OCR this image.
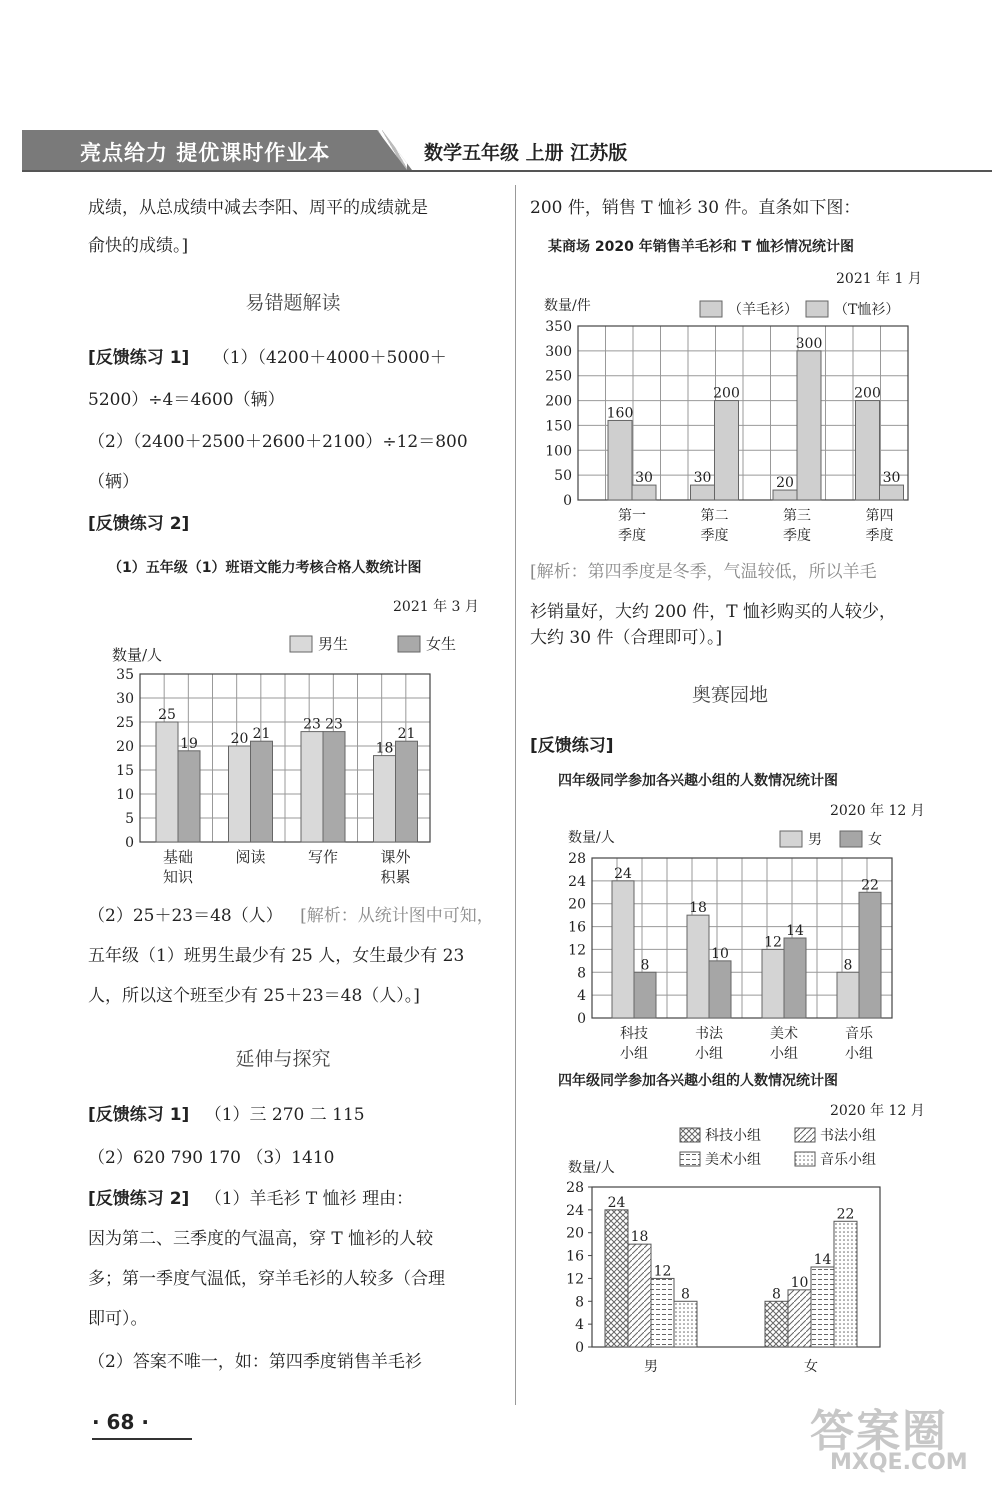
亮点给力 提优课时作业本	数学五年级 上册 江苏版
成绩，从总成绩中减去李阳、周平的成绩就是
俞快的成绩。]
易错题解读
[反馈练习 1] （1）（4200＋4000＋5000＋
5200）÷4＝4600（辆）
（2）（2400＋2500＋2600＋2100）÷12＝800
（辆）
[反馈练习 2]
（1）五年级（1）班语文能力考核合格人数统计图
2021 年 3 月
0
5
10
15
20
25
30
35
数量/人
25
20
23
18
19
21
23
21
基础
知识
阅读	写作	课外
积累
男生	女生
（2）25＋23＝48（人） [解析：从统计图中可知，
五年级（1）班男生最少有 25 人，女生最少有 23
人，所以这个班至少有 25＋23＝48（人）。]
延伸与探究
[反馈练习 1] （1）三 270 二 115
（2）620 790 170 （3）1410
[反馈练习 2] （1）羊毛衫 T 恤衫 理由：
因为第二、三季度的气温高，穿 T 恤衫的人较
多；第一季度气温低，穿羊毛衫的人较多（合理
即可）。
（2）答案不唯一，如：第四季度销售羊毛衫
· 68 ·
200 件，销售 T 恤衫 30 件。直条如下图：
某商场 2020 年销售羊毛衫和 T 恤衫情况统计图
2021 年 1 月
0
50
100
150
200
250
300
350
数量/件
160
30	20
200
30
200
300
30
第一
季度
第二
季度
第三
季度
第四
季度
（羊毛衫）	（T恤衫）
[解析：第四季度是冬季，气温较低，所以羊毛
衫销量好，大约 200 件，T 恤衫购买的人较少，
大约 30 件（合理即可）。]
奥赛园地
[反馈练习]
四年级同学参加各兴趣小组的人数情况统计图
2020 年 12 月
0
4
8
12
16
20
24
28
数量/人
24
18
12
8
8
10
14
22
科技
小组
书法
小组
美术
小组
音乐
小组
男	女
四年级同学参加各兴趣小组的人数情况统计图
2020 年 12 月
0
4
8
12
16
20
24
28
数量/人
24
8
18
10
12
14
8
22
男	女
科技小组	书法小组
美术小组	音乐小组
答案圈
MXQE.COM
